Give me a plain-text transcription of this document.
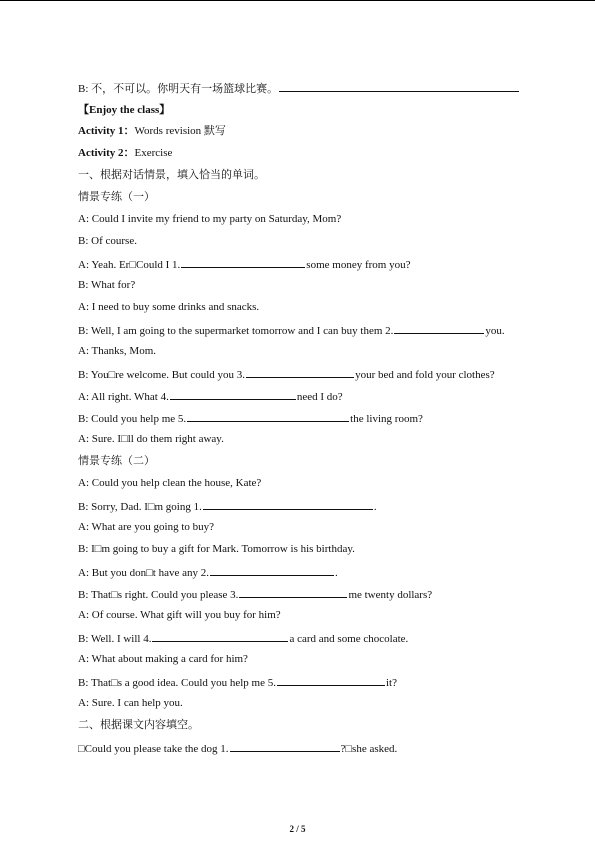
B: 不，不可以。你明天有一场篮球比赛。
【Enjoy the class】
Activity 1：Words revision 默写
Activity 2：Exercise
一、根据对话情景，填入恰当的单词。
情景专练（一）
A: Could I invite my friend to my party on Saturday, Mom?
B: Of course.
A: Yeah. Er□Could I 1.	some money from you?
B: What for?
A: I need to buy some drinks and snacks.
B: Well, I am going to the supermarket tomorrow and I can buy them 2.	you.
A: Thanks, Mom.
B: You□re welcome. But could you 3.	your bed and fold your clothes?
A: All right. What 4.	need I do?
B: Could you help me 5.	the living room?
A: Sure. I□ll do them right away.
情景专练（二）
A: Could you help clean the house, Kate?
B: Sorry, Dad. I□m going 1.	.
A: What are you going to buy?
B: I□m going to buy a gift for Mark. Tomorrow is his birthday.
A: But you don□t have any 2.	.
B: That□s right. Could you please 3.	me twenty dollars?
A: Of course. What gift will you buy for him?
B: Well. I will 4.	a card and some chocolate.
A: What about making a card for him?
B: That□s a good idea. Could you help me 5.	it?
A: Sure. I can help you.
二、根据课文内容填空。
□Could you please take the dog 1.	?□she asked.
2 / 5
